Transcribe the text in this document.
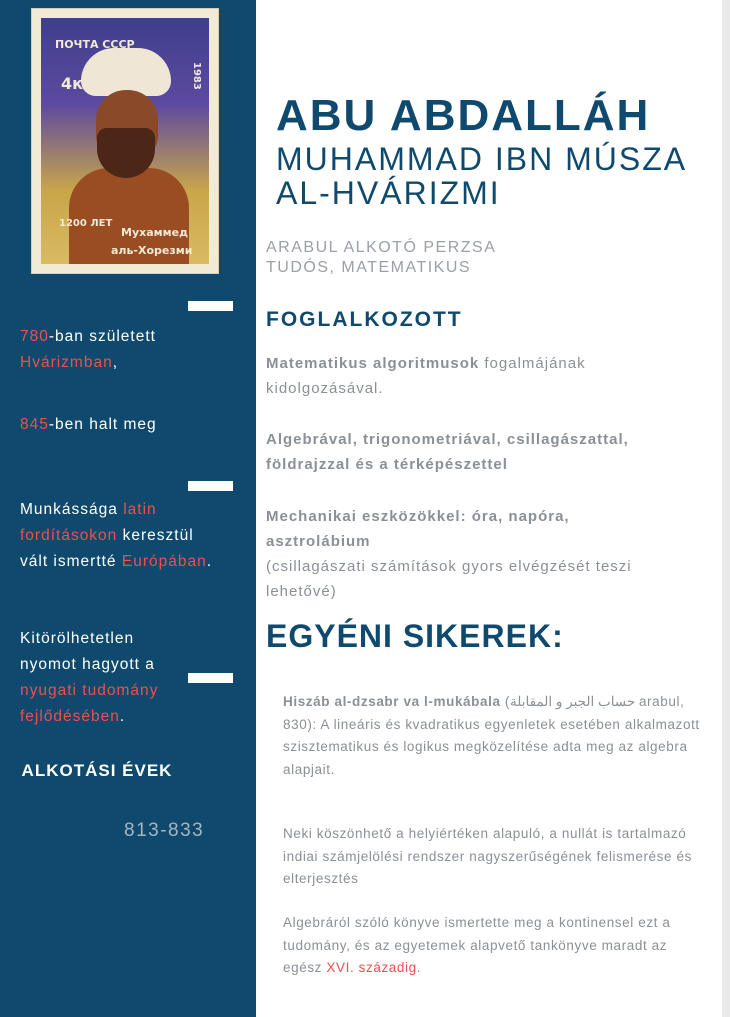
ПОЧТА СССР
4к	1983
1200 ЛЕТ
Мухаммед
аль-Хорезми
780-ban született
Hvárizmban,
845-ben halt meg
Munkássága latin fordításokon keresztül vált ismertté Európában.
Kitörölhetetlen nyomot hagyott a nyugati tudomány fejlődésében.
ALKOTÁSI ÉVEK
813-833
ABU ABDALLÁH
MUHAMMAD IBN MÚSZA AL-HVÁRIZMI
ARABUL ALKOTÓ PERZSA TUDÓS, MATEMATIKUS
FOGLALKOZOTT
Matematikus algoritmusok fogalmájának kidolgozásával.
Algebrával, trigonometriával, csillagászattal, földrajzzal és a térképészettel
Mechanikai eszközökkel: óra, napóra, asztrolábium
(csillagászati számítások gyors elvégzését teszi lehetővé)
EGYÉNI SIKEREK:
Hiszáb al-dzsabr va l-mukábala (حساب الجبر و المقابلة arabul, 830): A lineáris és kvadratikus egyenletek esetében alkalmazott szisztematikus és logikus megközelítése adta meg az algebra alapjait.
Neki köszönhető a helyiértéken alapuló, a nullát is tartalmazó indiai számjelölési rendszer nagyszerűségének felismerése és elterjesztés
Algebráról szóló könyve ismertette meg a kontinensel ezt a tudomány, és az egyetemek alapvető tankönyve maradt az egész XVI. századig.
